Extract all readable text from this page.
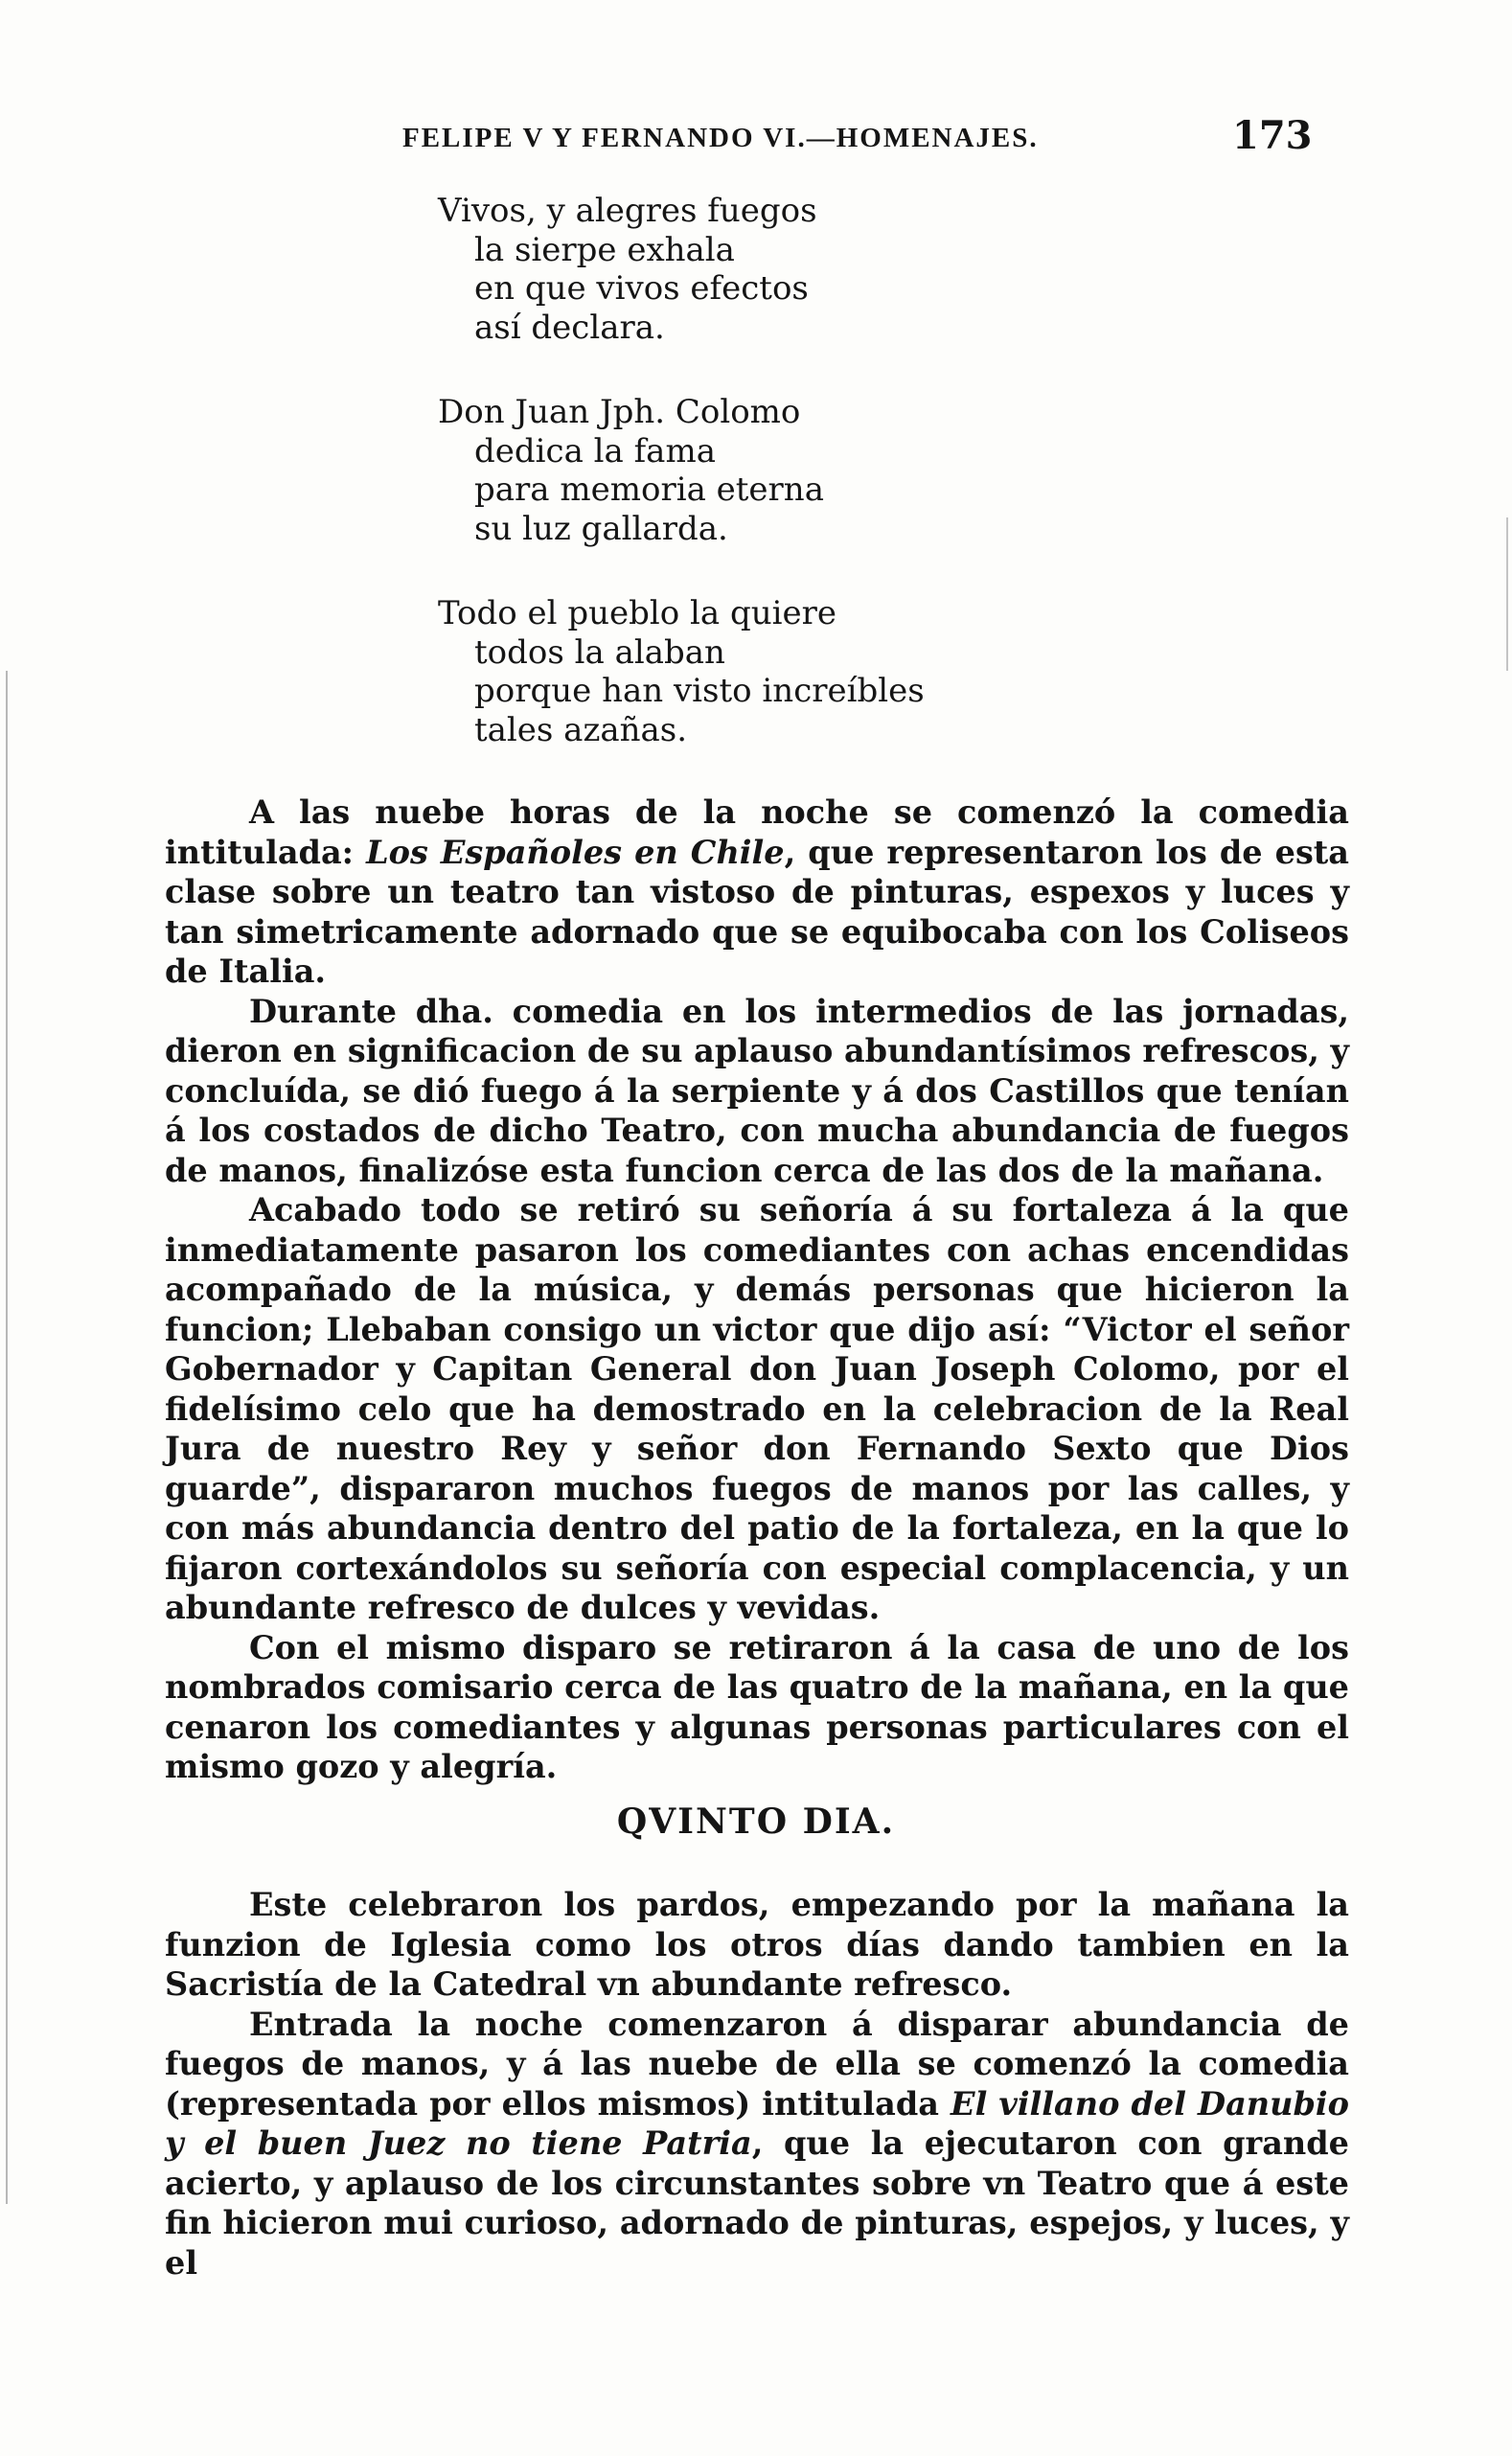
FELIPE V Y FERNANDO VI.—HOMENAJES.	173
Vivos, y alegres fuegos
la sierpe exhala
en que vivos efectos
así declara.
Don Juan Jph. Colomo
dedica la fama
para memoria eterna
su luz gallarda.
Todo el pueblo la quiere
todos la alaban
porque han visto increíbles
tales azañas.

A las nuebe horas de la noche se comenzó la comedia intitulada: Los Españoles en Chile, que representaron los de esta clase sobre un teatro tan vistoso de pinturas, espexos y luces y tan simetricamente adornado que se equibocaba con los Coliseos de Italia.

Durante dha. comedia en los intermedios de las jornadas, dieron en significacion de su aplauso abundantísimos refrescos, y concluída, se dió fuego á la serpiente y á dos Castillos que tenían á los costados de dicho Teatro, con mucha abundancia de fuegos de manos, finalizóse esta funcion cerca de las dos de la mañana.

Acabado todo se retiró su señoría á su fortaleza á la que inmediatamente pasaron los comediantes con achas encendidas acompañado de la música, y demás personas que hicieron la funcion; Llebaban consigo un victor que dijo así: “Victor el señor Gobernador y Capitan General don Juan Joseph Colomo, por el fidelísimo celo que ha demostrado en la celebracion de la Real Jura de nuestro Rey y señor don Fernando Sexto que Dios guarde”, dispararon muchos fuegos de manos por las calles, y con más abundancia dentro del patio de la fortaleza, en la que lo fijaron cortexándolos su señoría con especial complacencia, y un abundante refresco de dulces y vevidas.

Con el mismo disparo se retiraron á la casa de uno de los nombrados comisario cerca de las quatro de la mañana, en la que cenaron los comediantes y algunas personas particulares con el mismo gozo y alegría.

QVINTO DIA.

Este celebraron los pardos, empezando por la mañana la funzion de Iglesia como los otros días dando tambien en la Sacristía de la Catedral vn abundante refresco.

Entrada la noche comenzaron á disparar abundancia de fuegos de manos, y á las nuebe de ella se comenzó la comedia (representada por ellos mismos) intitulada El villano del Danubio y el buen Juez no tiene Patria, que la ejecutaron con grande acierto, y aplauso de los circunstantes sobre vn Teatro que á este fin hicieron mui curioso, adornado de pinturas, espejos, y luces, y el
